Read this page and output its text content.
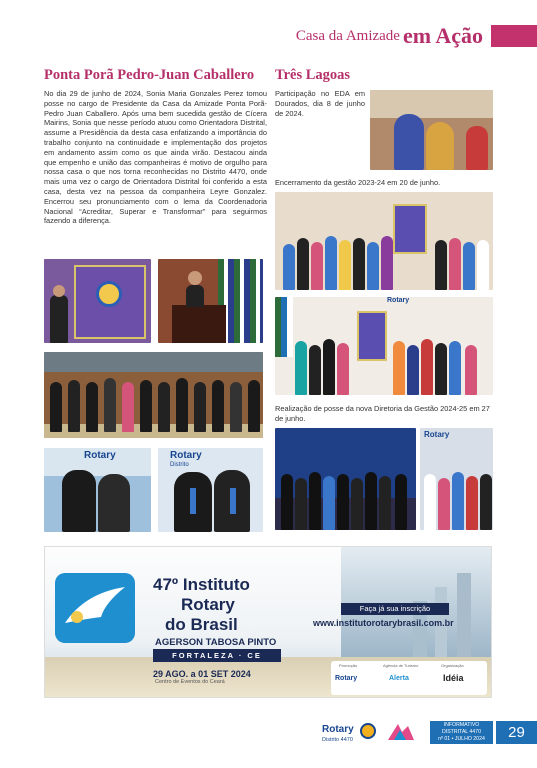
Casa da Amizade em Ação
Ponta Porã Pedro-Juan Caballero
No dia 29 de junho de 2024, Sonia Maria Gonzales Perez tomou posse no cargo de Presidente da Casa da Amizade Ponta Porã-Pedro Juan Caballero. Após uma bem sucedida gestão de Cícera Mairins, Sonia que nesse período atuou como Orientadora Distrital, assume a Presidência da desta casa enfatizando a importância do trabalho conjunto na continuidade e implementação dos projetos em andamento assim como os que ainda virão. Destacou ainda que empenho e união das companheiras é motivo de orgulho para nossa casa o que nos torna reconhecidas no Distrito 4470, onde mais uma vez o cargo de Orientadora Distrital foi conferido a esta casa, desta vez na pessoa da companheira Leyre Gonzalez. Encerrou seu pronunciamento com o lema da Coordenadoria Nacional “Acreditar, Superar e Transformar” para seguirmos fazendo a diferença.
Rotary	Rotary
Distrito
Três Lagoas
Participação no EDA em Dourados, dia 8 de junho de 2024.
Encerramento da gestão 2023-24 em 20 de junho.
Rotary
Realização de posse da nova Diretoria da Gestão 2024-25 em 27 de junho.
Rotary
47º Instituto
Rotary
do Brasil
AGERSON TABOSA PINTO
FORTALEZA · CE
29 AGO. a 01 SET 2024
Centro de Eventos do Ceará
Faça já sua inscrição
www.institutorotarybrasil.com.br
Promoção	Agência de Turismo	Organização
Rotary	Alerta	Idéia
Rotary
Distrito 4470
INFORMATIVO
DISTRITAL 4470
nº 01 • JULHO 2024	29
